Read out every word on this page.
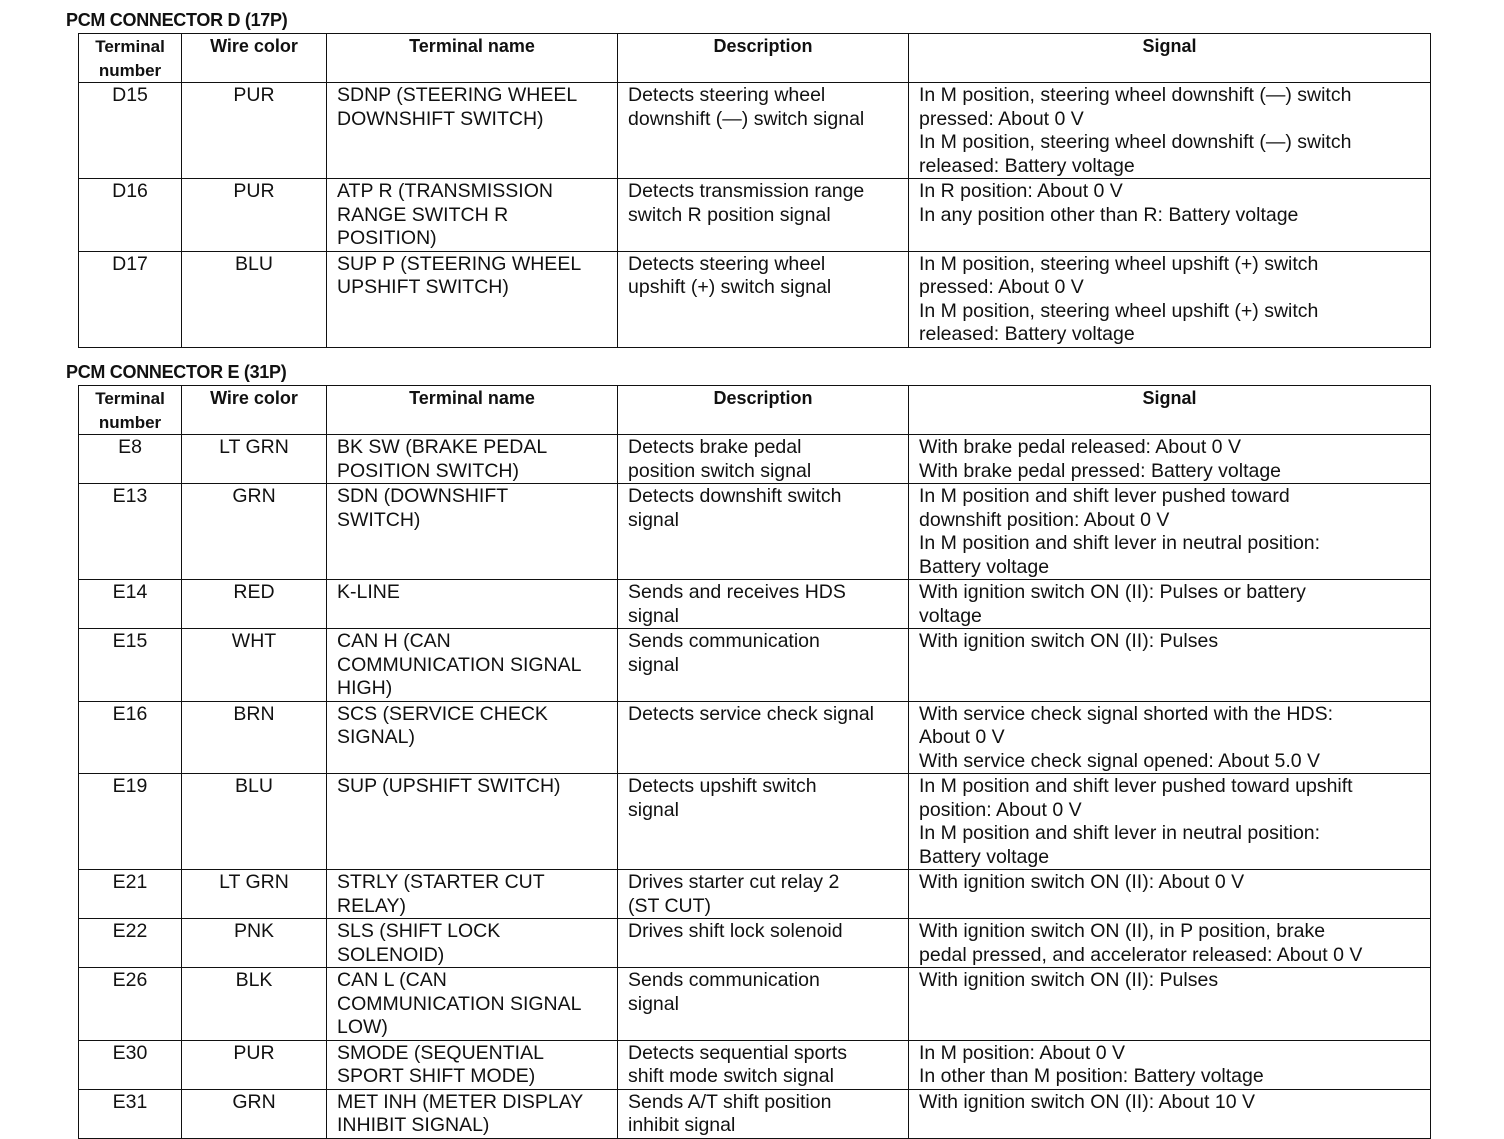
PCM CONNECTOR D (17P)
Terminal
number	Wire color	Terminal name	Description	Signal
D15	PUR	SDNP (STEERING WHEEL
DOWNSHIFT SWITCH)	Detects steering wheel
downshift (—) switch signal	In M position, steering wheel downshift (—) switch
pressed: About 0 V
In M position, steering wheel downshift (—) switch
released: Battery voltage

D16	PUR	ATP R (TRANSMISSION
RANGE SWITCH R
POSITION)	Detects transmission range
switch R position signal	In R position: About 0 V
In any position other than R: Battery voltage

D17	BLU	SUP P (STEERING WHEEL
UPSHIFT SWITCH)	Detects steering wheel
upshift (+) switch signal	In M position, steering wheel upshift (+) switch
pressed: About 0 V
In M position, steering wheel upshift (+) switch
released: Battery voltage
PCM CONNECTOR E (31P)
Terminal
number	Wire color	Terminal name	Description	Signal
E8	LT GRN	BK SW (BRAKE PEDAL
POSITION SWITCH)	Detects brake pedal
position switch signal	With brake pedal released: About 0 V
With brake pedal pressed: Battery voltage

E13	GRN	SDN (DOWNSHIFT
SWITCH)	Detects downshift switch
signal	In M position and shift lever pushed toward
downshift position: About 0 V
In M position and shift lever in neutral position:
Battery voltage

E14	RED	K-LINE	Sends and receives HDS
signal	With ignition switch ON (II): Pulses or battery
voltage

E15	WHT	CAN H (CAN
COMMUNICATION SIGNAL
HIGH)	Sends communication
signal	With ignition switch ON (II): Pulses

E16	BRN	SCS (SERVICE CHECK
SIGNAL)	Detects service check signal	With service check signal shorted with the HDS:
About 0 V
With service check signal opened: About 5.0 V

E19	BLU	SUP (UPSHIFT SWITCH)	Detects upshift switch
signal	In M position and shift lever pushed toward upshift
position: About 0 V
In M position and shift lever in neutral position:
Battery voltage

E21	LT GRN	STRLY (STARTER CUT
RELAY)	Drives starter cut relay 2
(ST CUT)	With ignition switch ON (II): About 0 V

E22	PNK	SLS (SHIFT LOCK
SOLENOID)	Drives shift lock solenoid	With ignition switch ON (II), in P position, brake
pedal pressed, and accelerator released: About 0 V

E26	BLK	CAN L (CAN
COMMUNICATION SIGNAL
LOW)	Sends communication
signal	With ignition switch ON (II): Pulses

E30	PUR	SMODE (SEQUENTIAL
SPORT SHIFT MODE)	Detects sequential sports
shift mode switch signal	In M position: About 0 V
In other than M position: Battery voltage

E31	GRN	MET INH (METER DISPLAY
INHIBIT SIGNAL)	Sends A/T shift position
inhibit signal	With ignition switch ON (II): About 10 V
